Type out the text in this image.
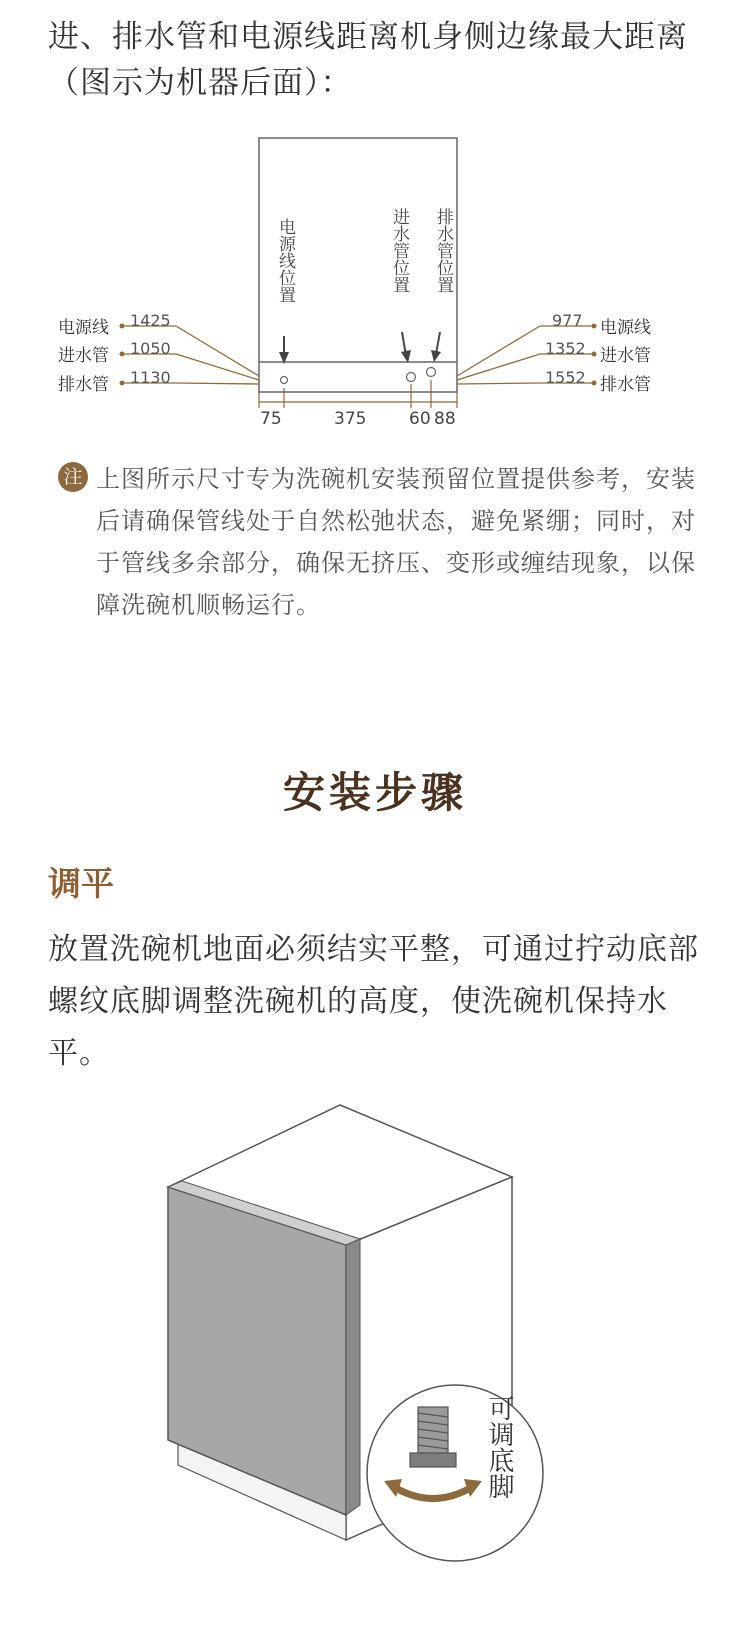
进、排水管和电源线距离机身侧边缘最大距离（图示为机器后面）：
电源线位置	进水管位置 排水管位置
电源线 1425
进水管 1050
排水管 1130
977 电源线
1352 进水管
1552 排水管
75	375	60 88
注 上图所示尺寸专为洗碗机安装预留位置提供参考，安装后请确保管线处于自然松弛状态，避免紧绷；同时，对于管线多余部分，确保无挤压、变形或缠结现象，以保障洗碗机顺畅运行。
安装步骤
调平
放置洗碗机地面必须结实平整，可通过拧动底部螺纹底脚调整洗碗机的高度，使洗碗机保持水平。
可调底脚
